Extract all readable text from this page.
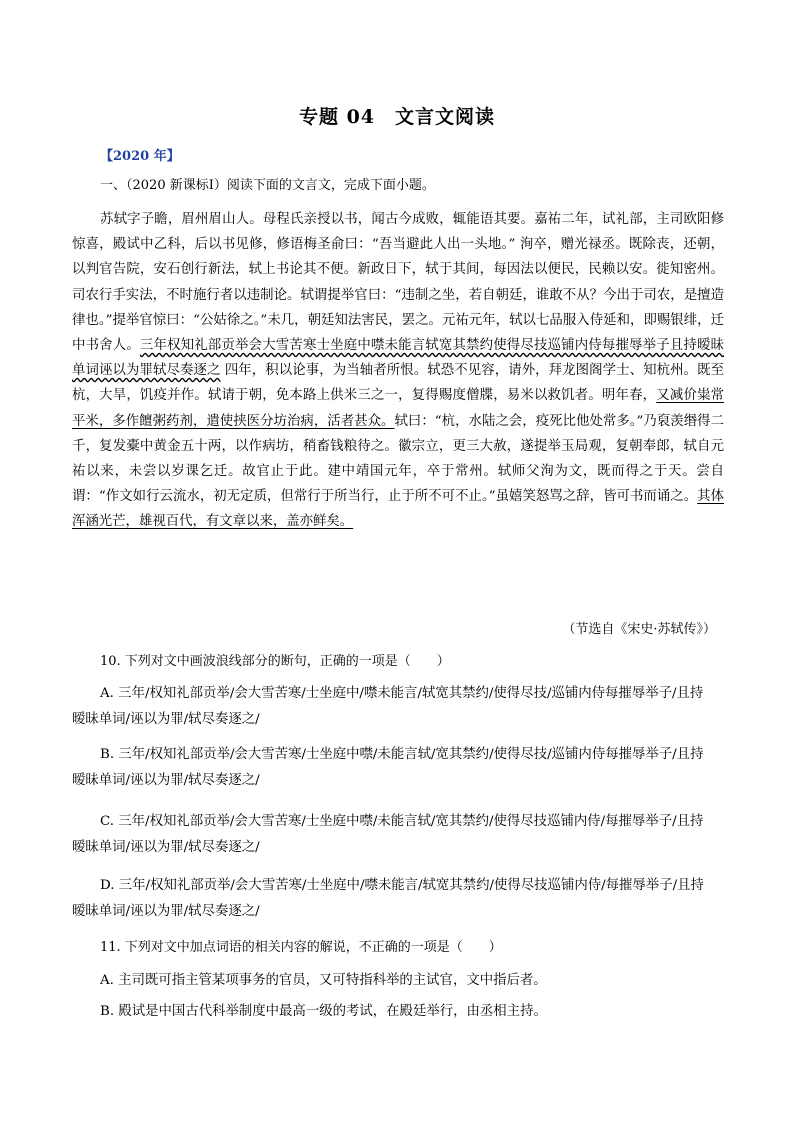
专题 04　文言文阅读
【2020 年】
一、（2020 新课标Ⅰ）阅读下面的文言文，完成下面小题。

苏轼字子瞻，眉州眉山人。母程氏亲授以书，闻古今成败，辄能语其要。嘉祐二年，试礼部，主司欧阳修惊喜，殿试中乙科，后以书见修，修语梅圣俞曰：“吾当避此人出一头地。” 洵卒，赠光禄丞。既除丧，还朝，以判官告院，安石创行新法，轼上书论其不便。新政日下，轼于其间，每因法以便民，民赖以安。徙知密州。司农行手实法，不时施行者以违制论。轼谓提举官曰：“违制之坐，若自朝廷，谁敢不从？今出于司农，是擅造律也。”提举官惊曰：“公姑徐之。”未几，朝廷知法害民，罢之。元祐元年，轼以七品服入侍延和，即赐银绯，迁中书舍人。三年权知礼部贡举会大雪苦寒士坐庭中噤未能言轼宽其禁约使得尽技巡铺内侍每摧辱举子且持暧昧单词诬以为罪轼尽奏逐之 四年，积以论事，为当轴者所恨。轼恐不见容，请外，拜龙图阁学士、知杭州。既至杭，大旱，饥疫并作。轼请于朝，免本路上供米三之一，复得赐度僧牒，易米以救饥者。明年春，又减价粜常平米，多作饘粥药剂，遣使挟医分坊治病，活者甚众。轼曰：“杭，水陆之会，疫死比他处常多。”乃裒羡缗得二千，复发橐中黄金五十两，以作病坊，稍畜钱粮待之。徽宗立，更三大赦，遂提举玉局观，复朝奉郎，轼自元祐以来，未尝以岁课乞迁。故官止于此。建中靖国元年，卒于常州。轼师父洵为文，既而得之于天。尝自谓：“作文如行云流水，初无定质，但常行于所当行，止于所不可不止。”虽嬉笑怒骂之辞，皆可书而诵之。其体浑涵光芒，雄视百代，有文章以来，盖亦鲜矣。

（节选自《宋史·苏轼传》）
10. 下列对文中画波浪线部分的断句，正确的一项是（　　）
A. 三年/权知礼部贡举/会大雪苦寒/士坐庭中/噤未能言/轼宽其禁约/使得尽技/巡铺内侍每摧辱举子/且持
暧昧单词/诬以为罪/轼尽奏逐之/
B. 三年/权知礼部贡举/会大雪苦寒/士坐庭中噤/未能言轼/宽其禁约/使得尽技/巡铺内侍每摧辱举子/且持
暧昧单词/诬以为罪/轼尽奏逐之/
C. 三年/权知礼部贡举/会大雪苦寒/士坐庭中噤/未能言轼/宽其禁约/使得尽技巡铺内侍/每摧辱举子/且持
暧昧单词/诬以为罪/轼尽奏逐之/
D. 三年/权知礼部贡举/会大雪苦寒/士坐庭中/噤未能言/轼宽其禁约/使得尽技巡铺内侍/每摧辱举子/且持
暧昧单词/诬以为罪/轼尽奏逐之/
11. 下列对文中加点词语的相关内容的解说，不正确的一项是（　　）
A. 主司既可指主管某项事务的官员，又可特指科举的主试官，文中指后者。
B. 殿试是中国古代科举制度中最高一级的考试，在殿廷举行，由丞相主持。
